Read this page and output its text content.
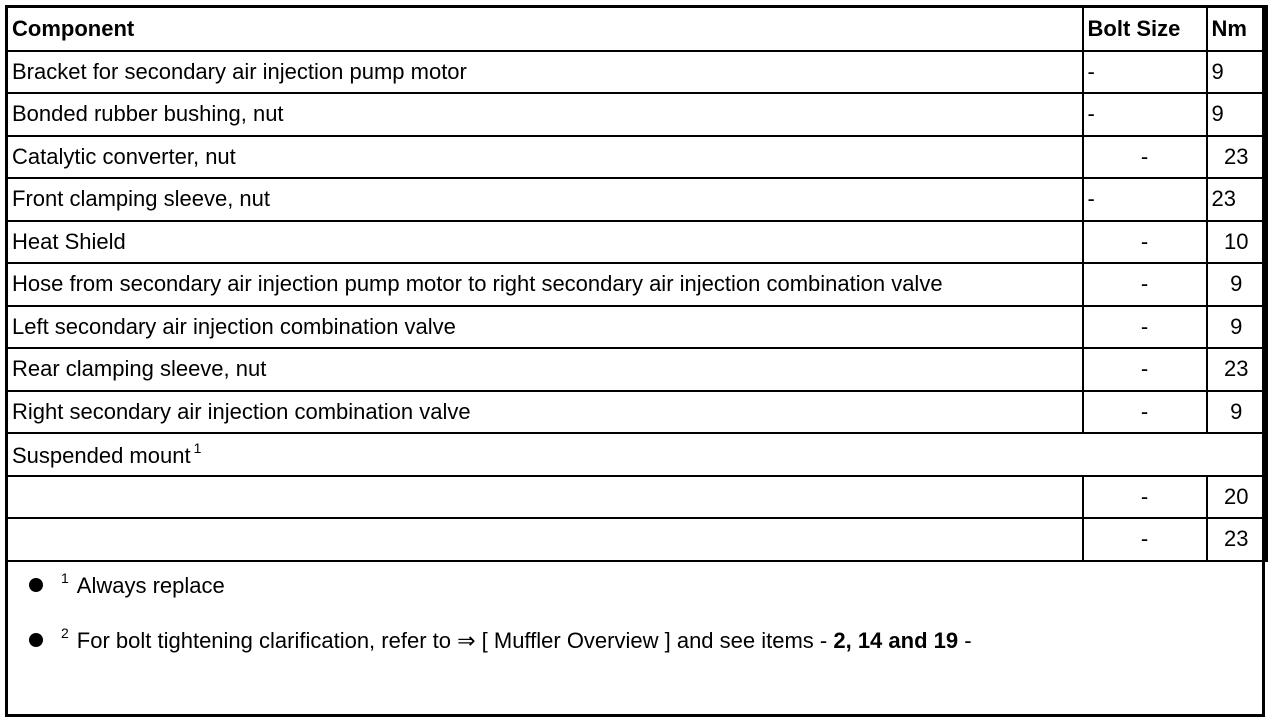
Component	Bolt Size	Nm
Bracket for secondary air injection pump motor	-	9
Bonded rubber bushing, nut	-	9
Catalytic converter, nut	-	23
Front clamping sleeve, nut	-	23
Heat Shield	-	10
Hose from secondary air injection pump motor to right secondary air injection combination valve	-	9
Left secondary air injection combination valve	-	9
Rear clamping sleeve, nut	-	23
Right secondary air injection combination valve	-	9
Suspended mount $^1$
	-	20
	-	23
$^1$ Always replace
$^2$ For bolt tightening clarification, refer to ⇒ [ Muffler Overview ] and see items - 2, 14 and 19 -
